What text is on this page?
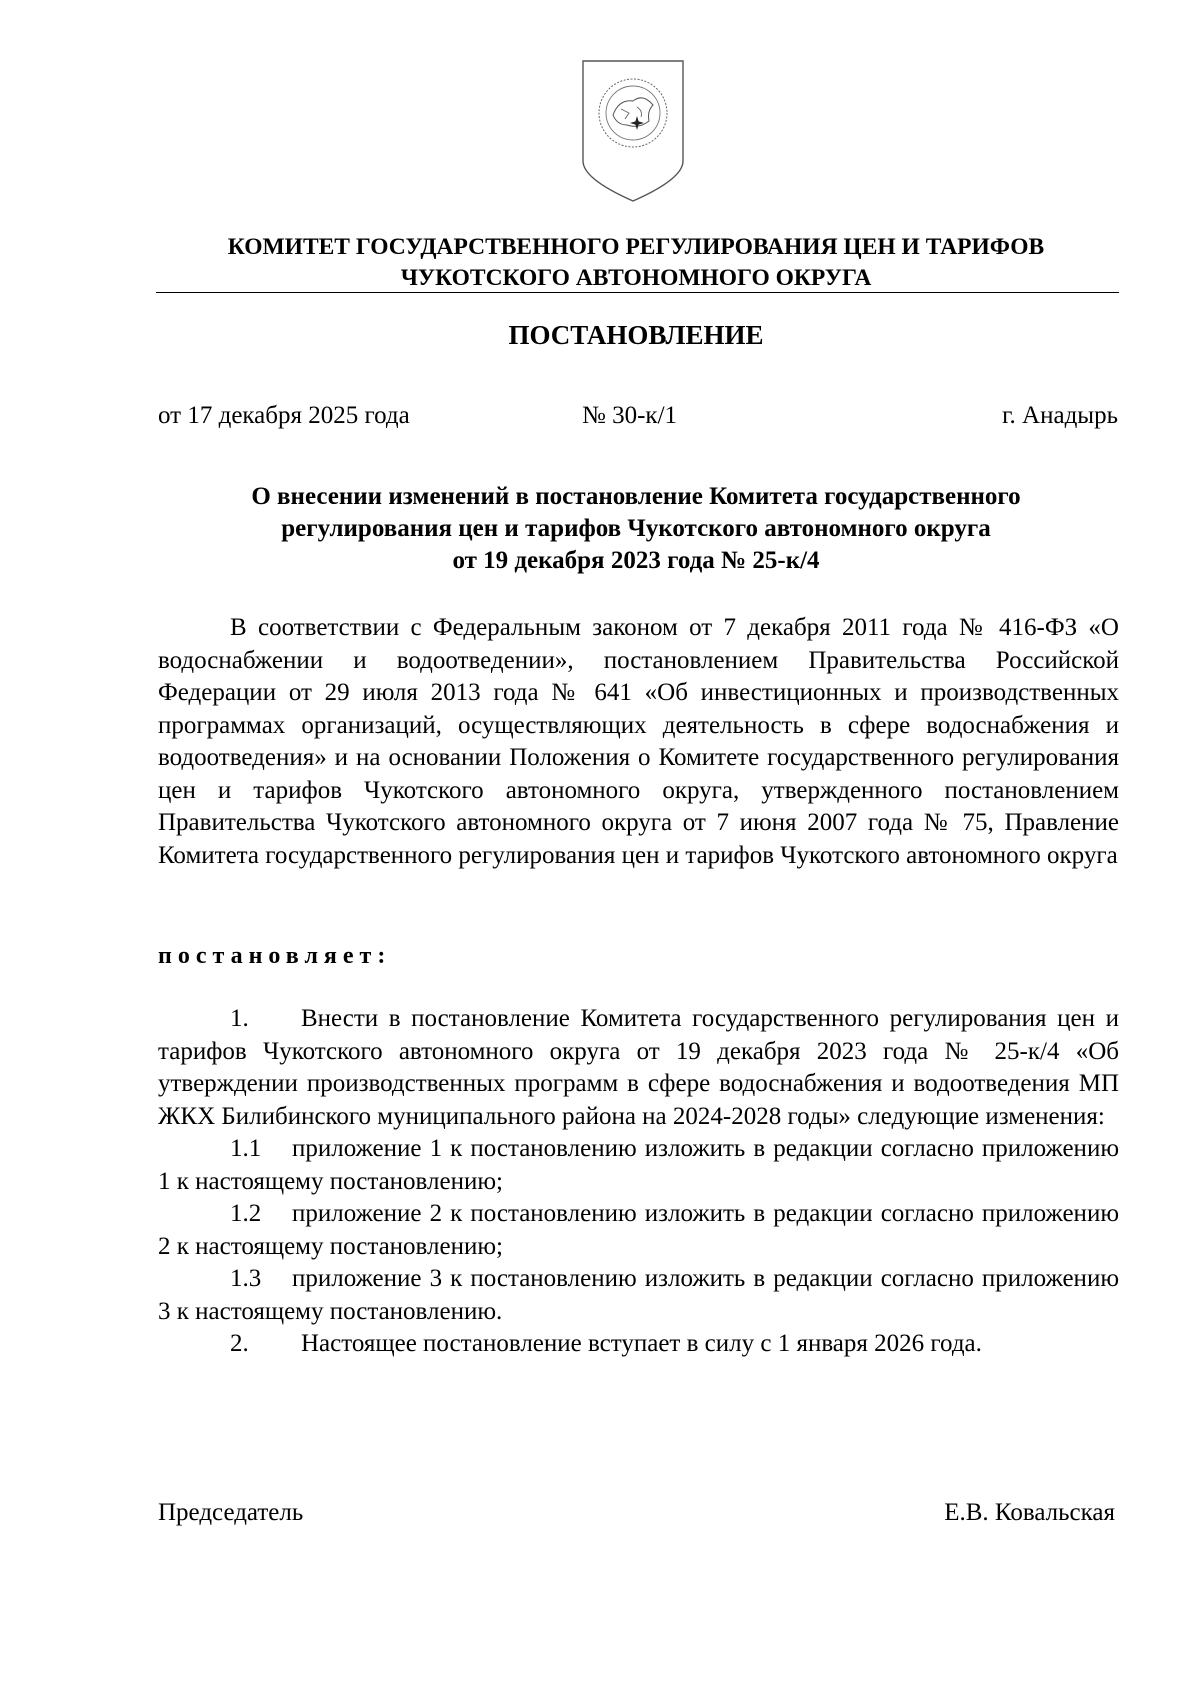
КОМИТЕТ ГОСУДАРСТВЕННОГО РЕГУЛИРОВАНИЯ ЦЕН И ТАРИФОВ
ЧУКОТСКОГО АВТОНОМНОГО ОКРУГА
ПОСТАНОВЛЕНИЕ
от 17 декабря 2025 года	№ 30-к/1	г. Анадырь
О внесении изменений в постановление Комитета государственного
регулирования цен и тарифов Чукотского автономного округа
от 19 декабря 2023 года № 25-к/4

В соответствии с Федеральным законом от 7 декабря 2011 года № 416-ФЗ «О водоснабжении и водоотведении», постановлением Правительства Российской Федерации от 29 июля 2013 года № 641 «Об инвестиционных и производственных программах организаций, осуществляющих деятельность в сфере водоснабжения и водоотведения» и на основании Положения о Комитете государственного регулирования цен и тарифов Чукотского автономного округа, утвержденного постановлением Правительства Чукотского автономного округа от 7 июня 2007 года № 75, Правление Комитета государственного регулирования цен и тарифов Чукотского автономного округа

постановляет:

1. Внести в постановление Комитета государственного регулирования цен и тарифов Чукотского автономного округа от 19 декабря 2023 года № 25-к/4 «Об утверждении производственных программ в сфере водоснабжения и водоотведения МП ЖКХ Билибинского муниципального района на 2024-2028 годы» следующие изменения:

1.1 приложение 1 к постановлению изложить в редакции согласно приложению 1 к настоящему постановлению;

1.2 приложение 2 к постановлению изложить в редакции согласно приложению 2 к настоящему постановлению;

1.3 приложение 3 к постановлению изложить в редакции согласно приложению 3 к настоящему постановлению.

2. Настоящее постановление вступает в силу с 1 января 2026 года.

Председатель	Е.В. Ковальская
